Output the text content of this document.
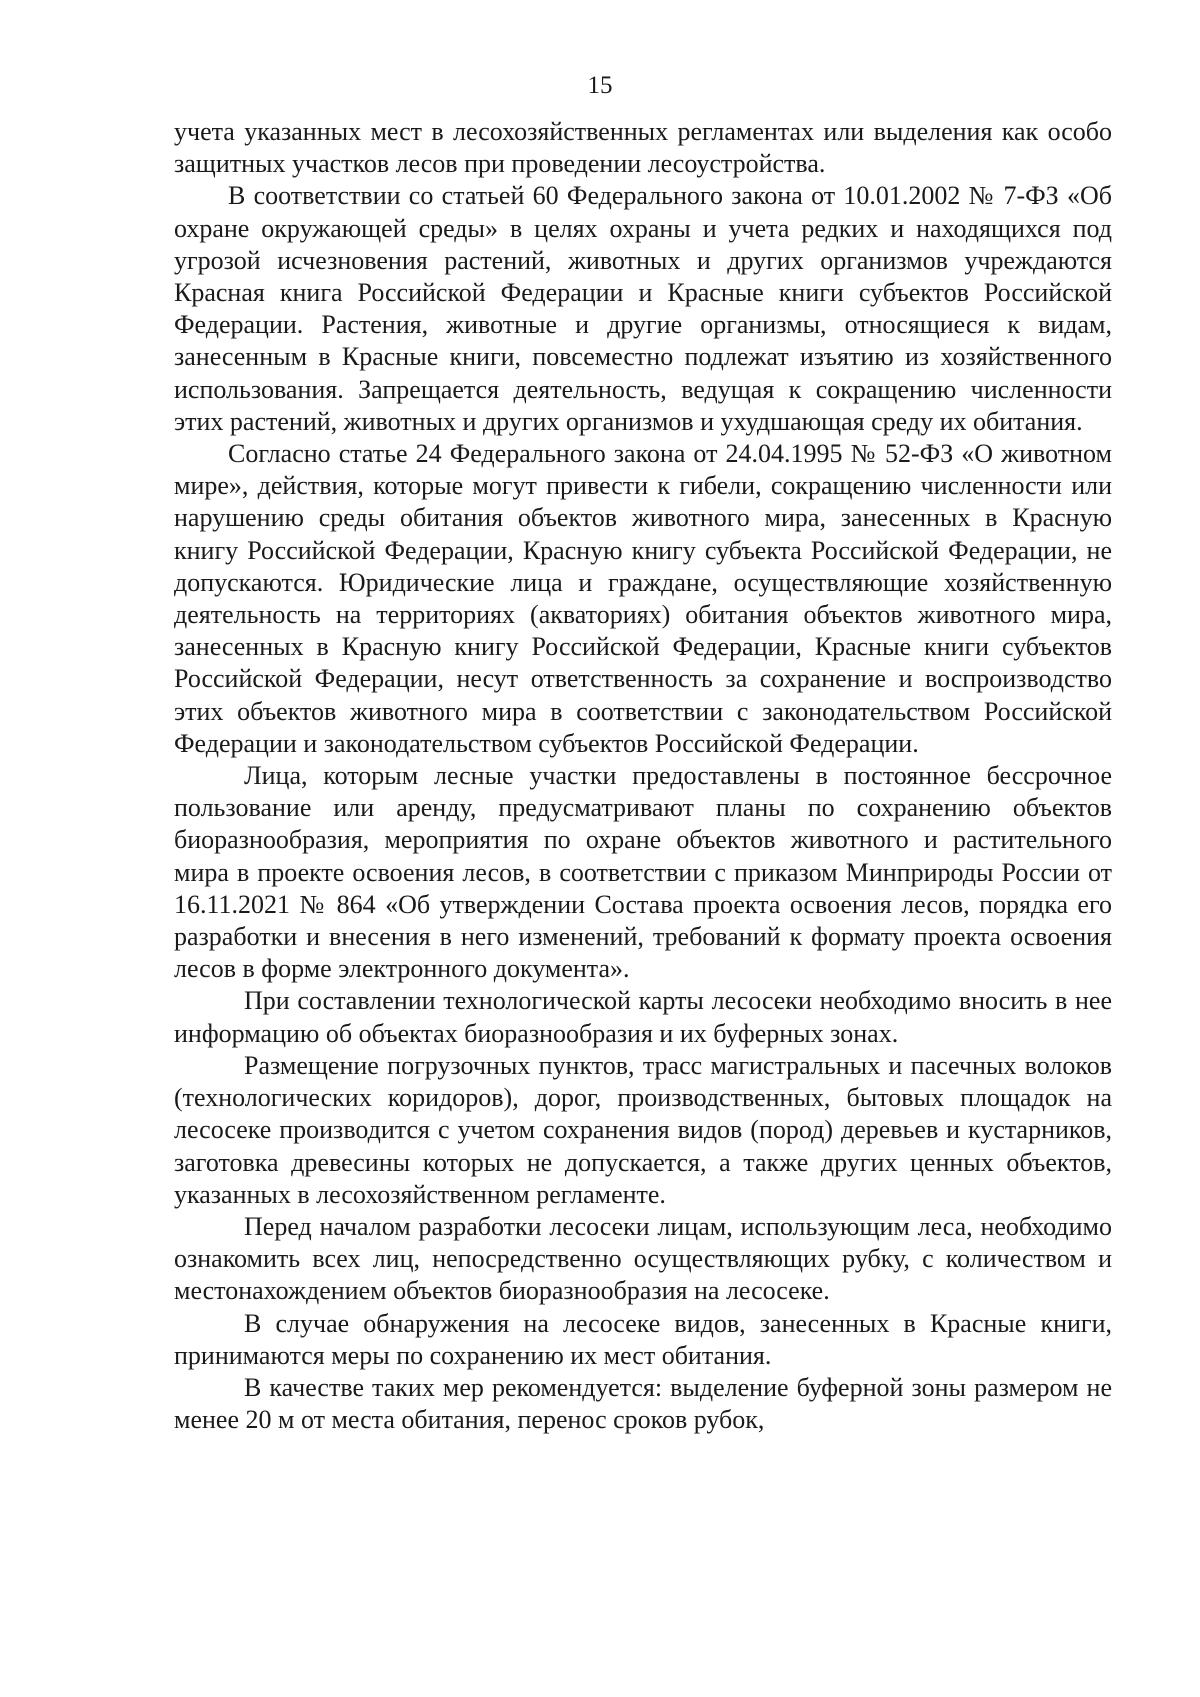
15

учета указанных мест в лесохозяйственных регламентах или выделения как особо защитных участков лесов при проведении лесоустройства.

В соответствии со статьей 60 Федерального закона от 10.01.2002 № 7-ФЗ «Об охране окружающей среды» в целях охраны и учета редких и находящихся под угрозой исчезновения растений, животных и других организмов учреждаются Красная книга Российской Федерации и Красные книги субъектов Российской Федерации. Растения, животные и другие организмы, относящиеся к видам, занесенным в Красные книги, повсеместно подлежат изъятию из хозяйственного использования. Запрещается деятельность, ведущая к сокращению численности этих растений, животных и других организмов и ухудшающая среду их обитания.

Согласно статье 24 Федерального закона от 24.04.1995 № 52-ФЗ «О животном мире», действия, которые могут привести к гибели, сокращению численности или нарушению среды обитания объектов животного мира, занесенных в Красную книгу Российской Федерации, Красную книгу субъекта Российской Федерации, не допускаются. Юридические лица и граждане, осуществляющие хозяйственную деятельность на территориях (акваториях) обитания объектов животного мира, занесенных в Красную книгу Российской Федерации, Красные книги субъектов Российской Федерации, несут ответственность за сохранение и воспроизводство этих объектов животного мира в соответствии с законодательством Российской Федерации и законодательством субъектов Российской Федерации.

Лица, которым лесные участки предоставлены в постоянное бессрочное пользование или аренду, предусматривают планы по сохранению объектов биоразнообразия, мероприятия по охране объектов животного и растительного мира в проекте освоения лесов, в соответствии с приказом Минприроды России от 16.11.2021 № 864 «Об утверждении Состава проекта освоения лесов, порядка его разработки и внесения в него изменений, требований к формату проекта освоения лесов в форме электронного документа».

При составлении технологической карты лесосеки необходимо вносить в нее информацию об объектах биоразнообразия и их буферных зонах.

Размещение погрузочных пунктов, трасс магистральных и пасечных волоков (технологических коридоров), дорог, производственных, бытовых площадок на лесосеке производится с учетом сохранения видов (пород) деревьев и кустарников, заготовка древесины которых не допускается, а также других ценных объектов, указанных в лесохозяйственном регламенте.

Перед началом разработки лесосеки лицам, использующим леса, необходимо ознакомить всех лиц, непосредственно осуществляющих рубку, с количеством и местонахождением объектов биоразнообразия на лесосеке.

В случае обнаружения на лесосеке видов, занесенных в Красные книги, принимаются меры по сохранению их мест обитания.

В качестве таких мер рекомендуется: выделение буферной зоны размером не менее 20 м от места обитания, перенос сроков рубок,
